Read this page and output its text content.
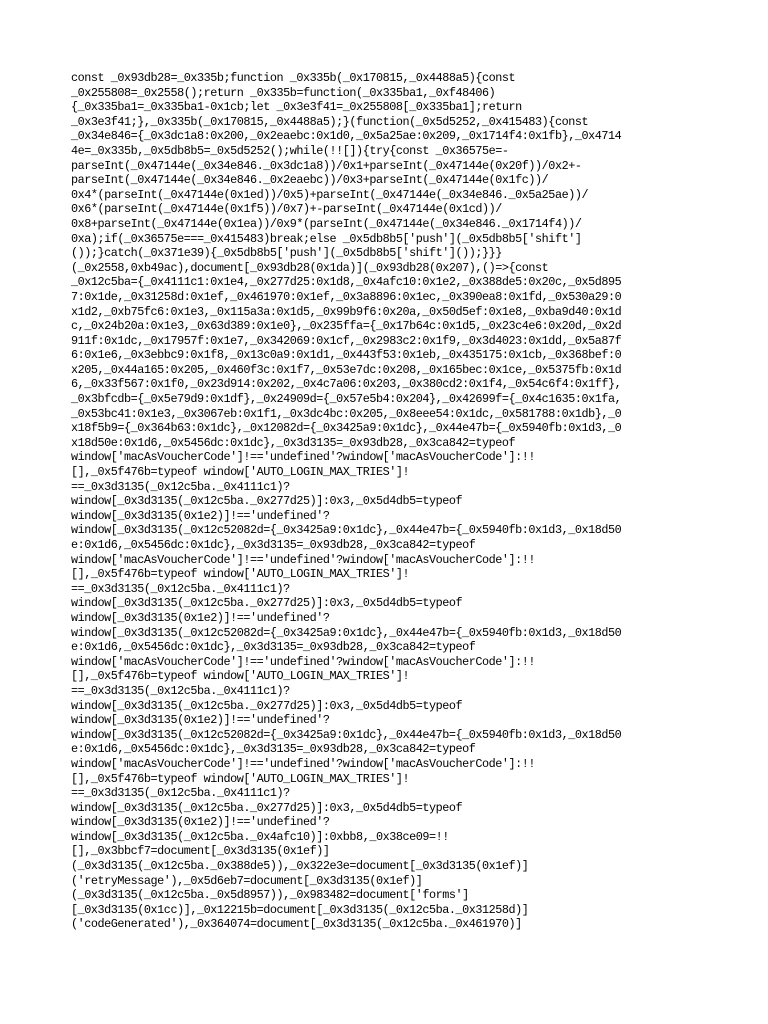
const _0x93db28=_0x335b;function _0x335b(_0x170815,_0x4488a5){const
_0x255808=_0x2558();return _0x335b=function(_0x335ba1,_0xf48406)
{_0x335ba1=_0x335ba1-0x1cb;let _0x3e3f41=_0x255808[_0x335ba1];return
_0x3e3f41;},_0x335b(_0x170815,_0x4488a5);}(function(_0x5d5252,_0x415483){const
_0x34e846={_0x3dc1a8:0x200,_0x2eaebc:0x1d0,_0x5a25ae:0x209,_0x1714f4:0x1fb},_0x4714
4e=_0x335b,_0x5db8b5=_0x5d5252();while(!![]){try{const _0x36575e=-
parseInt(_0x47144e(_0x34e846._0x3dc1a8))/0x1+parseInt(_0x47144e(0x20f))/0x2+-
parseInt(_0x47144e(_0x34e846._0x2eaebc))/0x3+parseInt(_0x47144e(0x1fc))/
0x4*(parseInt(_0x47144e(0x1ed))/0x5)+parseInt(_0x47144e(_0x34e846._0x5a25ae))/
0x6*(parseInt(_0x47144e(0x1f5))/0x7)+-parseInt(_0x47144e(0x1cd))/
0x8+parseInt(_0x47144e(0x1ea))/0x9*(parseInt(_0x47144e(_0x34e846._0x1714f4))/
0xa);if(_0x36575e===_0x415483)break;else _0x5db8b5['push'](_0x5db8b5['shift']
());}catch(_0x371e39){_0x5db8b5['push'](_0x5db8b5['shift']());}}}
(_0x2558,0xb49ac),document[_0x93db28(0x1da)](_0x93db28(0x207),()=>{const
_0x12c5ba={_0x4111c1:0x1e4,_0x277d25:0x1d8,_0x4afc10:0x1e2,_0x388de5:0x20c,_0x5d895
7:0x1de,_0x31258d:0x1ef,_0x461970:0x1ef,_0x3a8896:0x1ec,_0x390ea8:0x1fd,_0x530a29:0
x1d2,_0xb75fc6:0x1e3,_0x115a3a:0x1d5,_0x99b9f6:0x20a,_0x50d5ef:0x1e8,_0xba9d40:0x1d
c,_0x24b20a:0x1e3,_0x63d389:0x1e0},_0x235ffa={_0x17b64c:0x1d5,_0x23c4e6:0x20d,_0x2d
911f:0x1dc,_0x17957f:0x1e7,_0x342069:0x1cf,_0x2983c2:0x1f9,_0x3d4023:0x1dd,_0x5a87f
6:0x1e6,_0x3ebbc9:0x1f8,_0x13c0a9:0x1d1,_0x443f53:0x1eb,_0x435175:0x1cb,_0x368bef:0
x205,_0x44a165:0x205,_0x460f3c:0x1f7,_0x53e7dc:0x208,_0x165bec:0x1ce,_0x5375fb:0x1d
6,_0x33f567:0x1f0,_0x23d914:0x202,_0x4c7a06:0x203,_0x380cd2:0x1f4,_0x54c6f4:0x1ff},
_0x3bfcdb={_0x5e79d9:0x1df},_0x24909d={_0x57e5b4:0x204},_0x42699f={_0x4c1635:0x1fa,
_0x53bc41:0x1e3,_0x3067eb:0x1f1,_0x3dc4bc:0x205,_0x8eee54:0x1dc,_0x581788:0x1db},_0
x18f5b9={_0x364b63:0x1dc},_0x12082d={_0x3425a9:0x1dc},_0x44e47b={_0x5940fb:0x1d3,_0
x18d50e:0x1d6,_0x5456dc:0x1dc},_0x3d3135=_0x93db28,_0x3ca842=typeof
window['macAsVoucherCode']!=='undefined'?window['macAsVoucherCode']:!!
[],_0x5f476b=typeof window['AUTO_LOGIN_MAX_TRIES']!
==_0x3d3135(_0x12c5ba._0x4111c1)?
window[_0x3d3135(_0x12c5ba._0x277d25)]:0x3,_0x5d4db5=typeof
window[_0x3d3135(0x1e2)]!=='undefined'?
window[_0x3d3135(_0x12c52082d={_0x3425a9:0x1dc},_0x44e47b={_0x5940fb:0x1d3,_0x18d50
e:0x1d6,_0x5456dc:0x1dc},_0x3d3135=_0x93db28,_0x3ca842=typeof
window['macAsVoucherCode']!=='undefined'?window['macAsVoucherCode']:!!
[],_0x5f476b=typeof window['AUTO_LOGIN_MAX_TRIES']!
==_0x3d3135(_0x12c5ba._0x4111c1)?
window[_0x3d3135(_0x12c5ba._0x277d25)]:0x3,_0x5d4db5=typeof
window[_0x3d3135(0x1e2)]!=='undefined'?
window[_0x3d3135(_0x12c52082d={_0x3425a9:0x1dc},_0x44e47b={_0x5940fb:0x1d3,_0x18d50
e:0x1d6,_0x5456dc:0x1dc},_0x3d3135=_0x93db28,_0x3ca842=typeof
window['macAsVoucherCode']!=='undefined'?window['macAsVoucherCode']:!!
[],_0x5f476b=typeof window['AUTO_LOGIN_MAX_TRIES']!
==_0x3d3135(_0x12c5ba._0x4111c1)?
window[_0x3d3135(_0x12c5ba._0x277d25)]:0x3,_0x5d4db5=typeof
window[_0x3d3135(0x1e2)]!=='undefined'?
window[_0x3d3135(_0x12c52082d={_0x3425a9:0x1dc},_0x44e47b={_0x5940fb:0x1d3,_0x18d50
e:0x1d6,_0x5456dc:0x1dc},_0x3d3135=_0x93db28,_0x3ca842=typeof
window['macAsVoucherCode']!=='undefined'?window['macAsVoucherCode']:!!
[],_0x5f476b=typeof window['AUTO_LOGIN_MAX_TRIES']!
==_0x3d3135(_0x12c5ba._0x4111c1)?
window[_0x3d3135(_0x12c5ba._0x277d25)]:0x3,_0x5d4db5=typeof
window[_0x3d3135(0x1e2)]!=='undefined'?
window[_0x3d3135(_0x12c5ba._0x4afc10)]:0xbb8,_0x38ce09=!!
[],_0x3bbcf7=document[_0x3d3135(0x1ef)]
(_0x3d3135(_0x12c5ba._0x388de5)),_0x322e3e=document[_0x3d3135(0x1ef)]
('retryMessage'),_0x5d6eb7=document[_0x3d3135(0x1ef)]
(_0x3d3135(_0x12c5ba._0x5d8957)),_0x983482=document['forms']
[_0x3d3135(0x1cc)],_0x12215b=document[_0x3d3135(_0x12c5ba._0x31258d)]
('codeGenerated'),_0x364074=document[_0x3d3135(_0x12c5ba._0x461970)]
